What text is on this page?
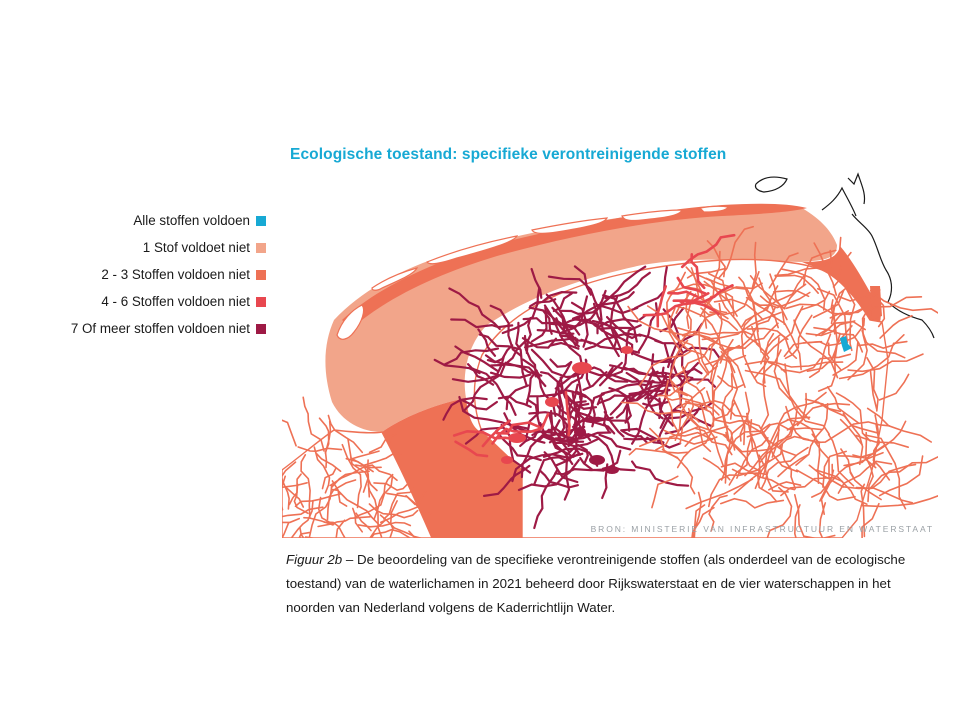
Ecologische toestand: specifieke verontreinigende stoffen
Alle stoffen voldoen
1 Stof voldoet niet
2 - 3 Stoffen voldoen niet
4 - 6 Stoffen voldoen niet
7 Of meer stoffen voldoen niet
BRON: MINISTERIE VAN INFRASTRUCTUUR EN WATERSTAAT
Figuur 2b – De beoordeling van de specifieke verontreinigende stoffen (als onderdeel van de ecologische toestand) van de waterlichamen in 2021 beheerd door Rijkswaterstaat en de vier waterschappen in het noorden van Nederland volgens de Kaderrichtlijn Water.
